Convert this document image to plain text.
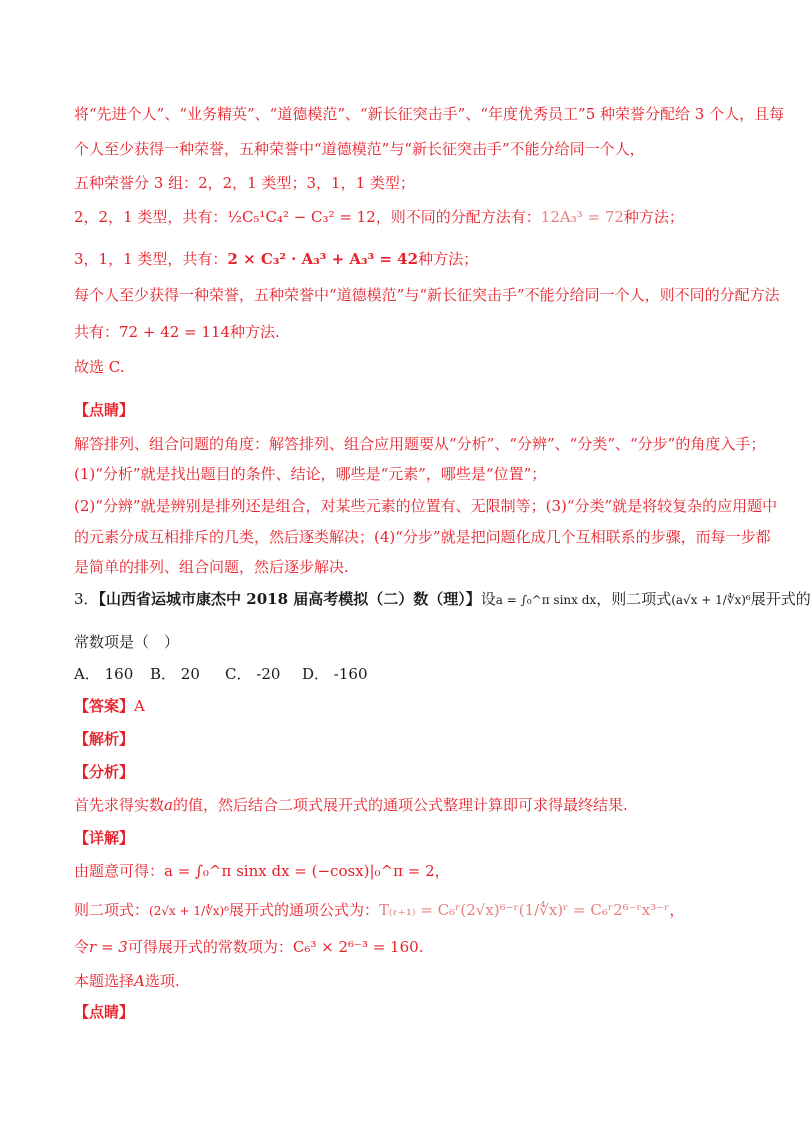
将“先进个人”、“业务精英”、“道德模范”、“新长征突击手”、“年度优秀员工”5 种荣誉分配给 3 个人，且每
个人至少获得一种荣誉，五种荣誉中“道德模范”与“新长征突击手”不能分给同一个人，
五种荣誉分 3 组：2，2，1 类型；3，1，1 类型；
2，2，1 类型，共有：½C₅¹C₄² − C₃² = 12，则不同的分配方法有：12A₃³ = 72种方法；
3，1，1 类型，共有：2 × C₃² · A₃³ + A₃³ = 42种方法；
每个人至少获得一种荣誉，五种荣誉中“道德模范”与“新长征突击手”不能分给同一个人，则不同的分配方法
共有：72 + 42 = 114种方法.
故选 C.
【点睛】
解答排列、组合问题的角度：解答排列、组合应用题要从“分析”、“分辨”、“分类”、“分步”的角度入手；
(1)“分析”就是找出题目的条件、结论，哪些是“元素”，哪些是“位置”；
(2)“分辨”就是辨别是排列还是组合，对某些元素的位置有、无限制等；(3)“分类”就是将较复杂的应用题中
的元素分成互相排斥的几类，然后逐类解决；(4)“分步”就是把问题化成几个互相联系的步骤，而每一步都
是简单的排列、组合问题，然后逐步解决.
3．【山西省运城市康杰中 2018 届高考模拟（二）数（理）】设a = ∫₀^π sinx dx，则二项式(a√x + 1/∜x)⁶展开式的
常数项是（　）
A． 160 B． 20 C． -20 D． -160
【答案】A
【解析】
【分析】
首先求得实数a的值，然后结合二项式展开式的通项公式整理计算即可求得最终结果.
【详解】
由题意可得：a = ∫₀^π sinx dx = (−cosx)|₀^π = 2，
则二项式：(2√x + 1/∜x)⁶展开式的通项公式为：T₍ᵣ₊₁₎ = C₆ʳ(2√x)⁶⁻ʳ(1/∜x)ʳ = C₆ʳ2⁶⁻ʳx³⁻ʳ，
令r = 3可得展开式的常数项为：C₆³ × 2⁶⁻³ = 160.
本题选择A选项.
【点睛】
